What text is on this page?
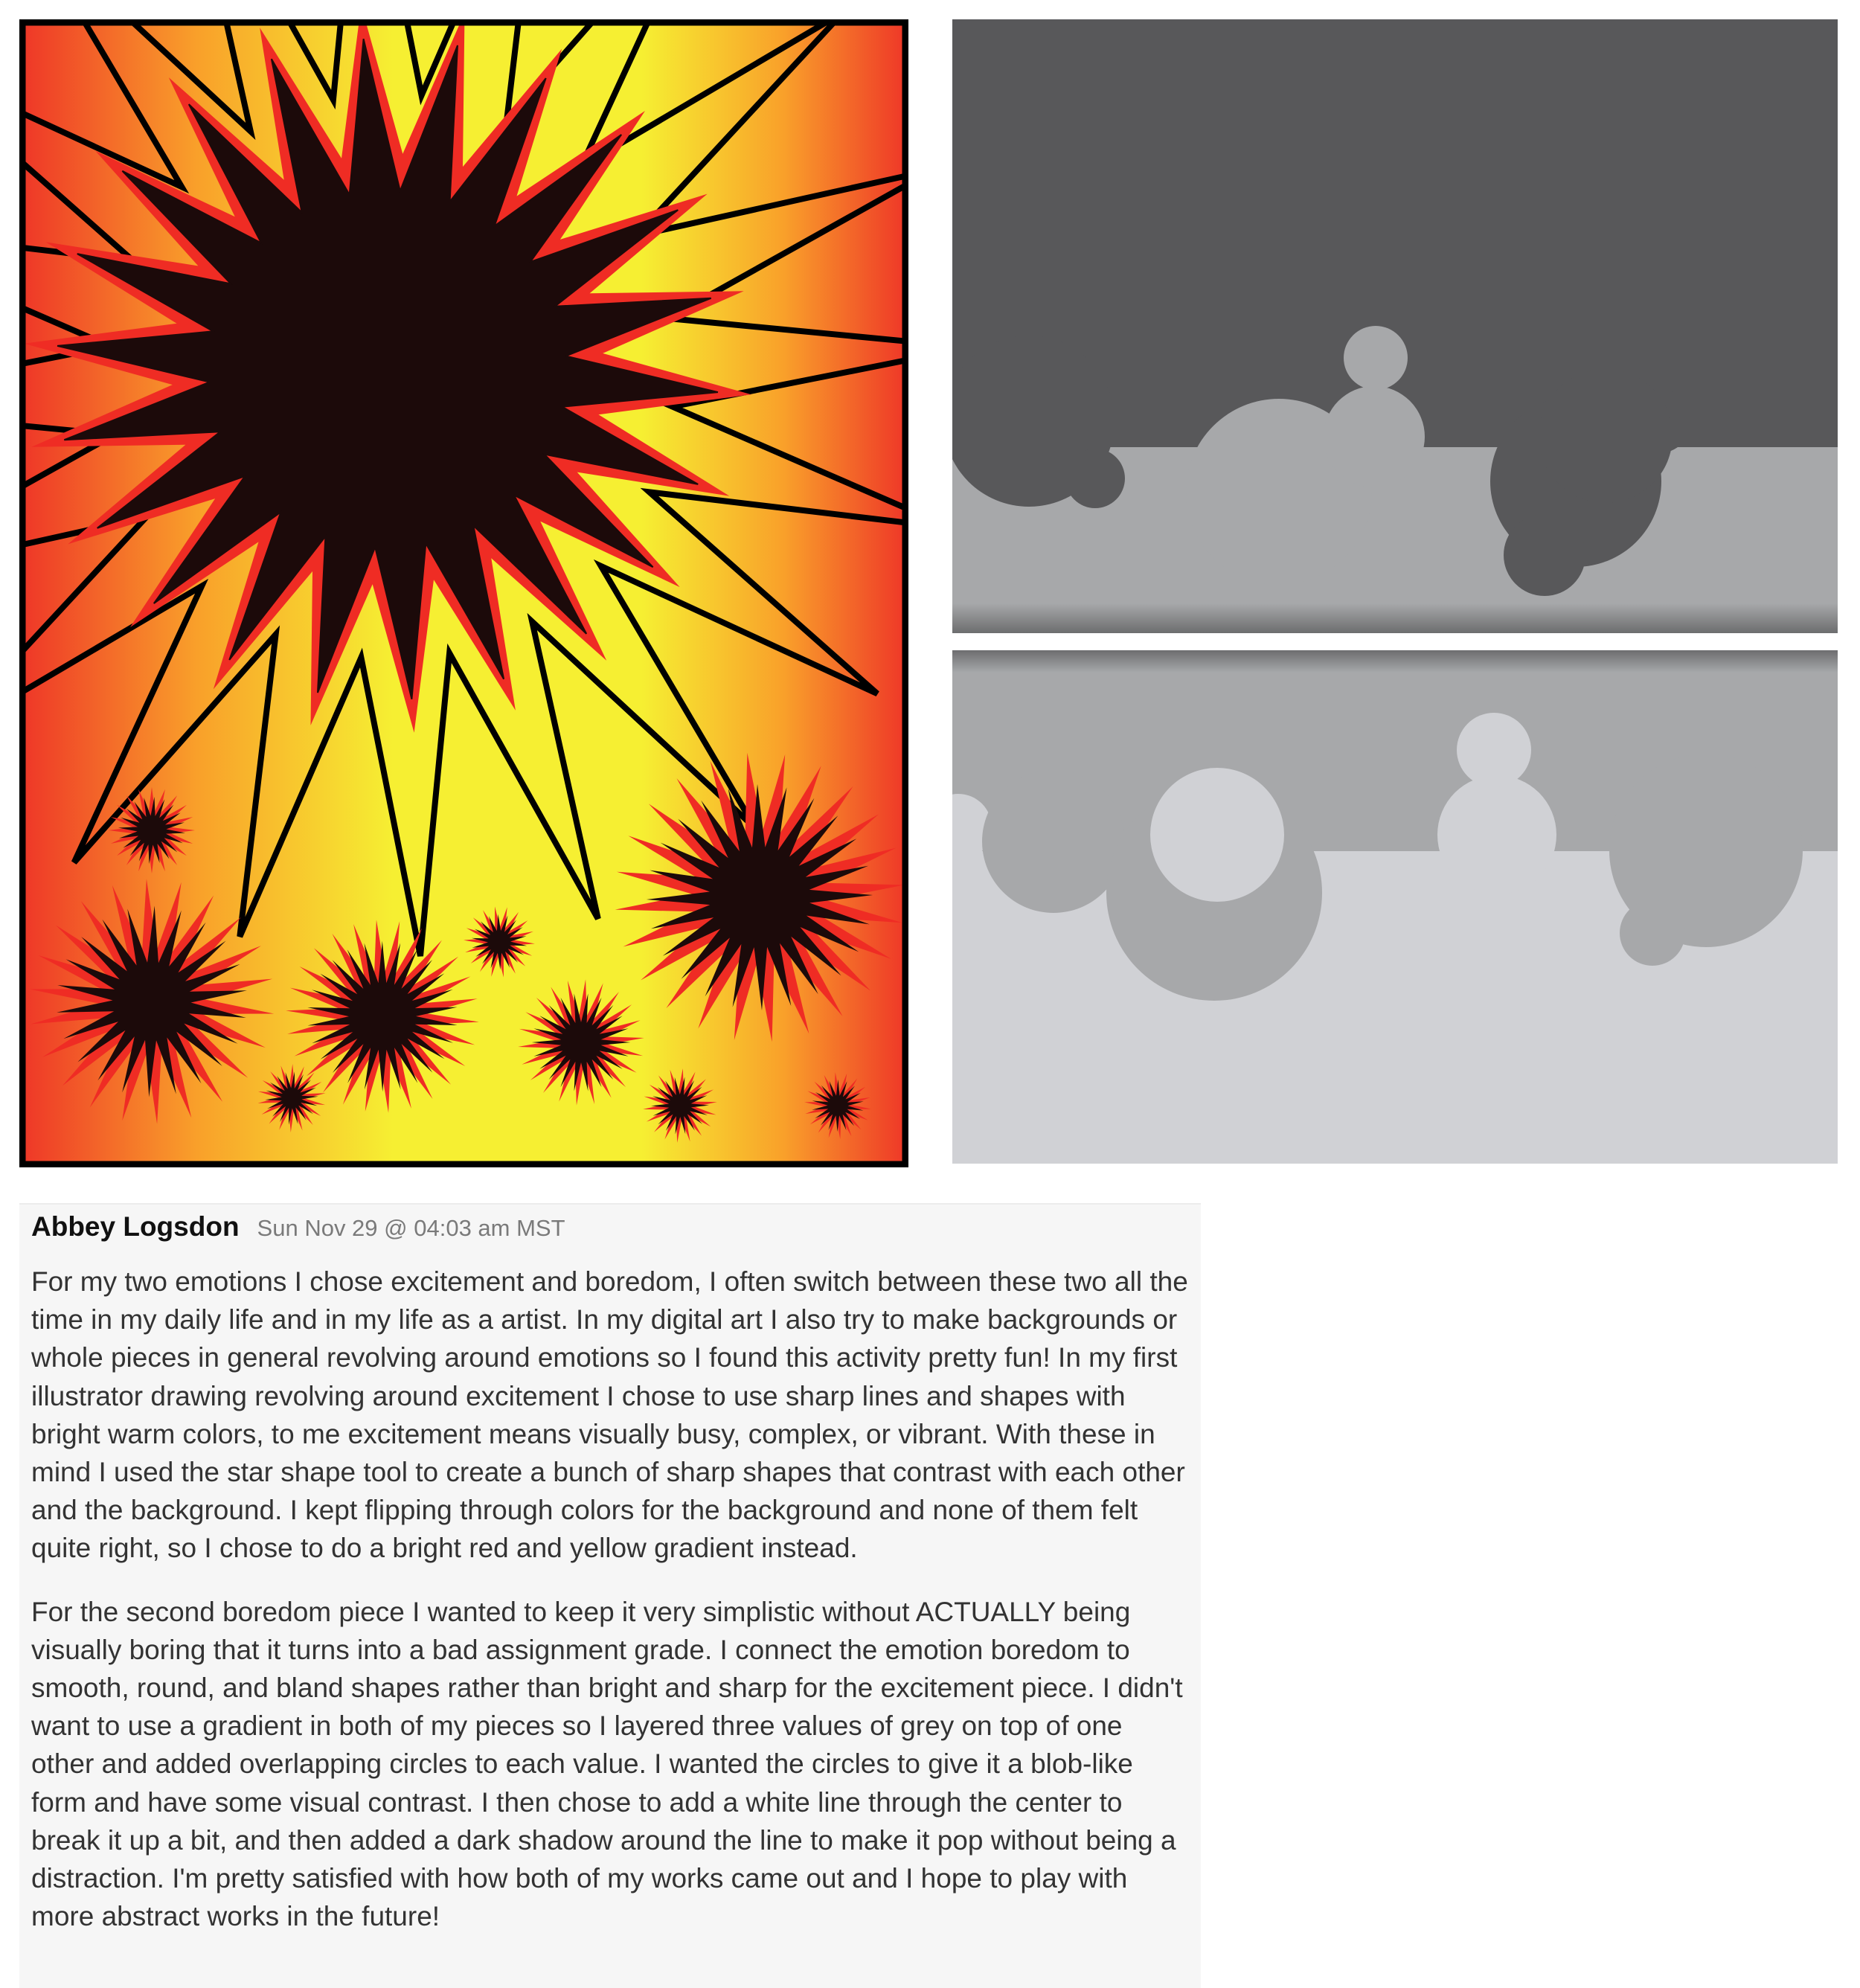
Abbey Logsdon Sun Nov 29 @ 04:03 am MST

For my two emotions I chose excitement and boredom, I often switch between these two all the time in my daily life and in my life as a artist. In my digital art I also try to make backgrounds or whole pieces in general revolving around emotions so I found this activity pretty fun! In my first illustrator drawing revolving around excitement I chose to use sharp lines and shapes with bright warm colors, to me excitement means visually busy, complex, or vibrant. With these in mind I used the star shape tool to create a bunch of sharp shapes that contrast with each other and the background. I kept flipping through colors for the background and none of them felt quite right, so I chose to do a bright red and yellow gradient instead.

For the second boredom piece I wanted to keep it very simplistic without ACTUALLY being visually boring that it turns into a bad assignment grade. I connect the emotion boredom to smooth, round, and bland shapes rather than bright and sharp for the excitement piece. I didn't want to use a gradient in both of my pieces so I layered three values of grey on top of one other and added overlapping circles to each value. I wanted the circles to give it a blob-like form and have some visual contrast. I then chose to add a white line through the center to break it up a bit, and then added a dark shadow around the line to make it pop without being a distraction. I'm pretty satisfied with how both of my works came out and I hope to play with more abstract works in the future!
